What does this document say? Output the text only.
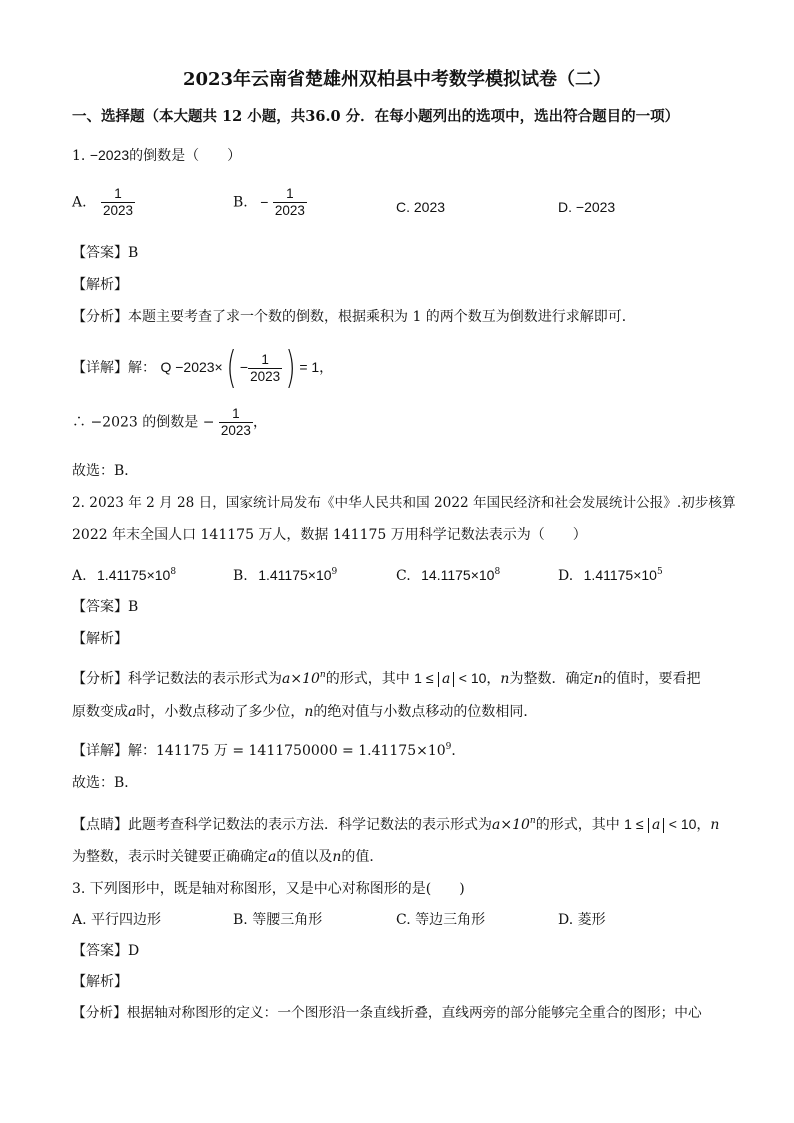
2023年云南省楚雄州双柏县中考数学模拟试卷（二）
一、选择题（本大题共 12 小题，共36.0 分．在每小题列出的选项中，选出符合题目的一项）
1. −2023的倒数是（　　）
A. $\frac{1}{2023}$	B. − $\frac{1}{2023}$	C. 2023	D. −2023
【答案】B
【解析】
【分析】本题主要考查了求一个数的倒数，根据乘积为 1 的两个数互为倒数进行求解即可．
【详解】解： $Q -2023\times( - \frac{1}{2023}$ ) = 1，
∴ −2023 的倒数是 − $\frac{1}{2023}$ ，
故选：B．
2. 2023 年 2 月 28 日，国家统计局发布《中华人民共和国 2022 年国民经济和社会发展统计公报》.初步核算
2022 年末全国人口 141175 万人，数据 141175 万用科学记数法表示为（　　）
A. $1.41175\times 10^8$	B. $1.41175\times 10^9$	C. $14.1175\times 10^8$	D. $1.41175\times 10^5$
【答案】B
【解析】
【分析】科学记数法的表示形式为$a\times 10^n$的形式，其中 1 ≤ a < 10，n为整数．确定n的值时，要看把
原数变成a时，小数点移动了多少位，n的绝对值与小数点移动的位数相同．
【详解】解：141175 万 = $1411750000 = 1.41175\times 10^9$．
故选：B．
【点睛】此题考查科学记数法的表示方法．科学记数法的表示形式为$a\times 10^n$的形式，其中 1 ≤ a < 10，n
为整数，表示时关键要正确确定a的值以及n的值．
3. 下列图形中，既是轴对称图形，又是中心对称图形的是(　　)
A. 平行四边形	B. 等腰三角形	C. 等边三角形	D. 菱形
【答案】D
【解析】
【分析】根据轴对称图形的定义：一个图形沿一条直线折叠，直线两旁的部分能够完全重合的图形；中心
